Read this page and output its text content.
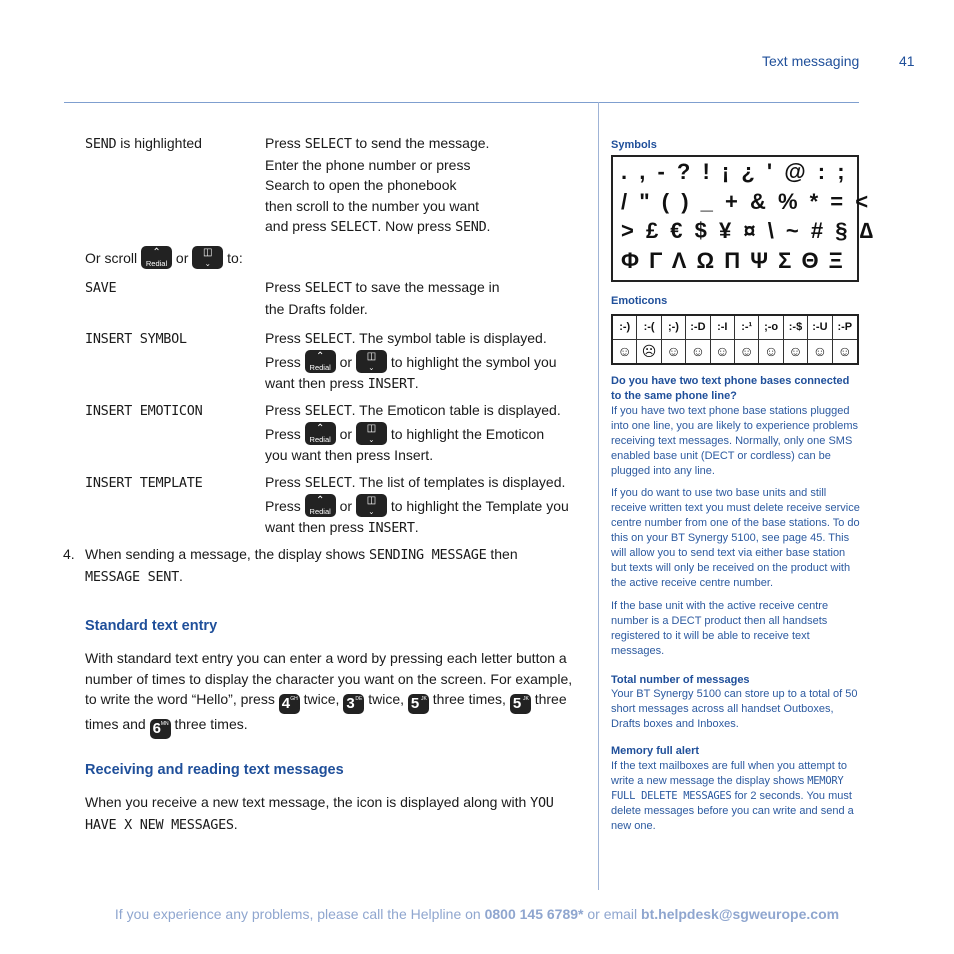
Text messaging	41
SEND is highlighted	Press SELECT to send the message.
Enter the phone number or press
Search to open the phonebook
then scroll to the number you want
and press SELECT. Now press SEND.
Or scroll	⌃
Redial or	◫
⌄	to:
SAVE	Press SELECT to save the message in
the Drafts folder.
INSERT SYMBOL	Press SELECT. The symbol table is displayed.
Press	⌃
Redial or	◫
⌄	to highlight the symbol you
want then press INSERT.
INSERT EMOTICON	Press SELECT. The Emoticon table is displayed.
Press	⌃
Redial or	◫
⌄	to highlight the Emoticon
you want then press Insert.
INSERT TEMPLATE	Press SELECT. The list of templates is displayed.
Press	⌃
Redial or	◫
⌄	to highlight the Template you
want then press INSERT.
4. When sending a message, the display shows SENDING MESSAGE then
MESSAGE SENT.
Standard text entry
With standard text entry you can enter a word by pressing each letter button a
number of times to display the character you want on the screen. For example,
to write the word “Hello”, press 4 GH twice, 3 DE twice, 5 JK three times, 5 JK three
times and 6 MN three times.
Receiving and reading text messages
When you receive a new text message, the icon is displayed along with YOU
HAVE X NEW MESSAGES.
Symbols
. , - ? ! ¡ ¿ ' @ : ;
/ " ( ) _ + & % * = <
> £ € $ ¥ ¤ \ ~ # § ∆
Φ Γ Λ Ω Π Ψ Σ Θ Ξ
Emoticons
:-)	:-(	;-)	:-D	:-I	:-¹	;-o :-$ :-U :-P
☺ ☹ ☺ ☺ ☺ ☺ ☺ ☺ ☺ ☺
Do you have two text phone bases connected to the same phone line?
If you have two text phone base stations plugged into one line, you are likely to experience problems receiving text messages. Normally, only one SMS enabled base unit (DECT or cordless) can be plugged into any line.
If you do want to use two base units and still receive written text you must delete receive service centre number from one of the base stations. To do this on your BT Synergy 5100, see page 45. This will allow you to send text via either base station but texts will only be received on the product with the active receive centre number.
If the base unit with the active receive centre number is a DECT product then all handsets registered to it will be able to receive text messages.
Total number of messages
Your BT Synergy 5100 can store up to a total of 50 short messages across all handset Outboxes, Drafts boxes and Inboxes.
Memory full alert
If the text mailboxes are full when you attempt to write a new message the display shows MEMORY FULL DELETE MESSAGES for 2 seconds. You must delete messages before you can write and send a new one.
If you experience any problems, please call the Helpline on 0800 145 6789* or email bt.helpdesk@sgweurope.com
